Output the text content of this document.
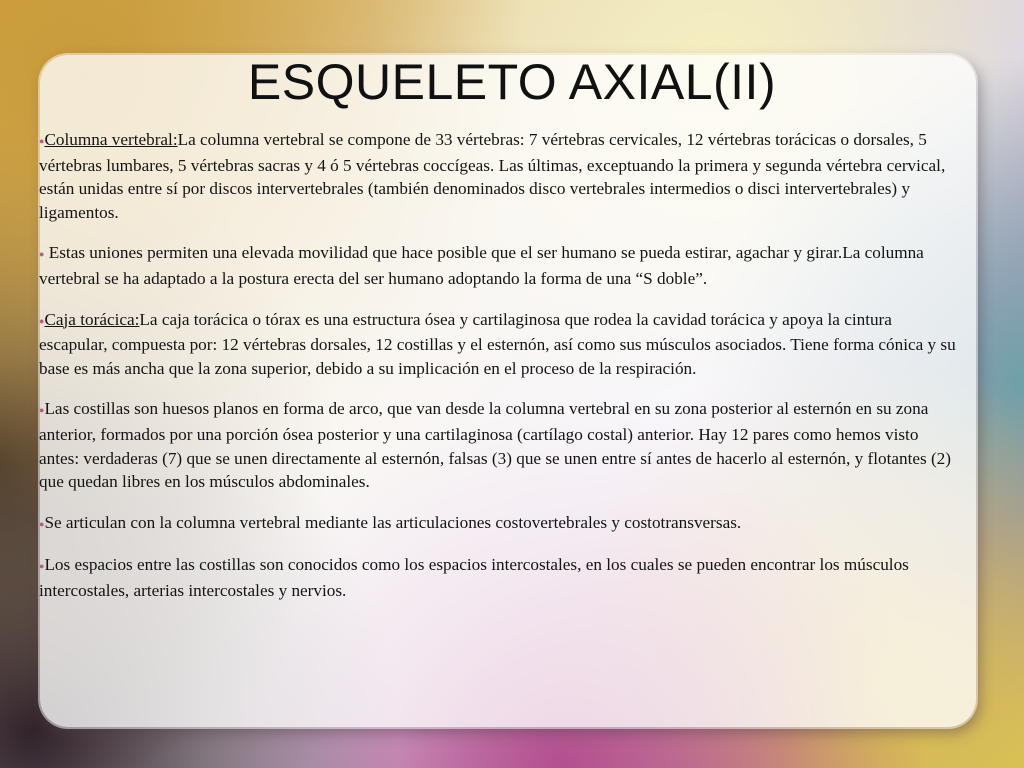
ESQUELETO AXIAL(II)

●Columna vertebral:La columna vertebral se compone de 33 vértebras: 7 vértebras cervicales, 12 vértebras torácicas o dorsales, 5 vértebras lumbares, 5 vértebras sacras y 4 ó 5 vértebras coccígeas. Las últimas, exceptuando la primera y segunda vértebra cervical, están unidas entre sí por discos intervertebrales (también denominados disco vertebrales intermedios o disci intervertebrales) y ligamentos.

● Estas uniones permiten una elevada movilidad que hace posible que el ser humano se pueda estirar, agachar y girar.La columna vertebral se ha adaptado a la postura erecta del ser humano adoptando la forma de una “S doble”.

●Caja torácica:La caja torácica o tórax es una estructura ósea y cartilaginosa que rodea la cavidad torácica y apoya la cintura escapular, compuesta por: 12 vértebras dorsales, 12 costillas y el esternón, así como sus músculos asociados. Tiene forma cónica y su base es más ancha que la zona superior, debido a su implicación en el proceso de la respiración.

●Las costillas son huesos planos en forma de arco, que van desde la columna vertebral en su zona posterior al esternón en su zona anterior, formados por una porción ósea posterior y una cartilaginosa (cartílago costal) anterior. Hay 12 pares como hemos visto antes: verdaderas (7) que se unen directamente al esternón, falsas (3) que se unen entre sí antes de hacerlo al esternón, y flotantes (2) que quedan libres en los músculos abdominales.

●Se articulan con la columna vertebral mediante las articulaciones costovertebrales y costotransversas.

●Los espacios entre las costillas son conocidos como los espacios intercostales, en los cuales se pueden encontrar los músculos intercostales, arterias intercostales y nervios.
